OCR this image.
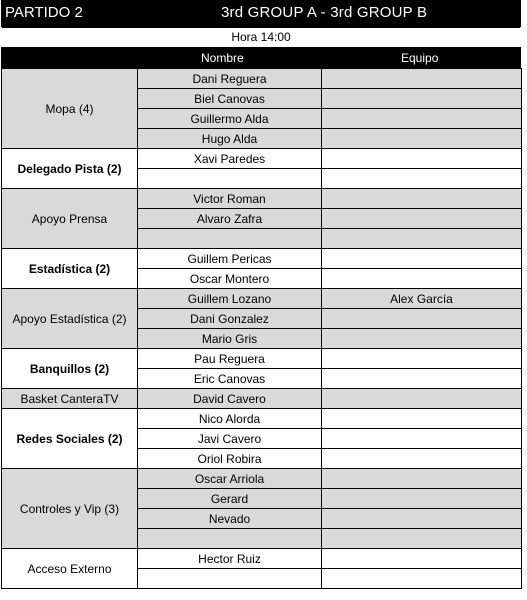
PARTIDO 2	3rd GROUP A - 3rd GROUP B
Hora 14:00
Nombre	Equipo
Mopa (4)	Dani Reguera	
	Biel Canovas	
	Guillermo Alda	
	Hugo Alda	
Delegado Pista (2)	Xavi Paredes	

Apoyo Prensa	Victor Roman	
	Alvaro Zafra	

Estadística (2)	Guillem Pericas	
	Oscar Montero	
Apoyo Estadística (2)	Guillem Lozano	Alex García
	Dani Gonzalez	
	Mario Gris	
Banquillos (2)	Pau Reguera	
	Eric Canovas	
Basket CanteraTV	David Cavero	
Redes Sociales (2)	Nico Alorda	
	Javi Cavero	
	Oriol Robira	
Controles y Vip (3)	Oscar Arriola	
	Gerard	
	Nevado	

Acceso Externo	Hector Ruiz	
